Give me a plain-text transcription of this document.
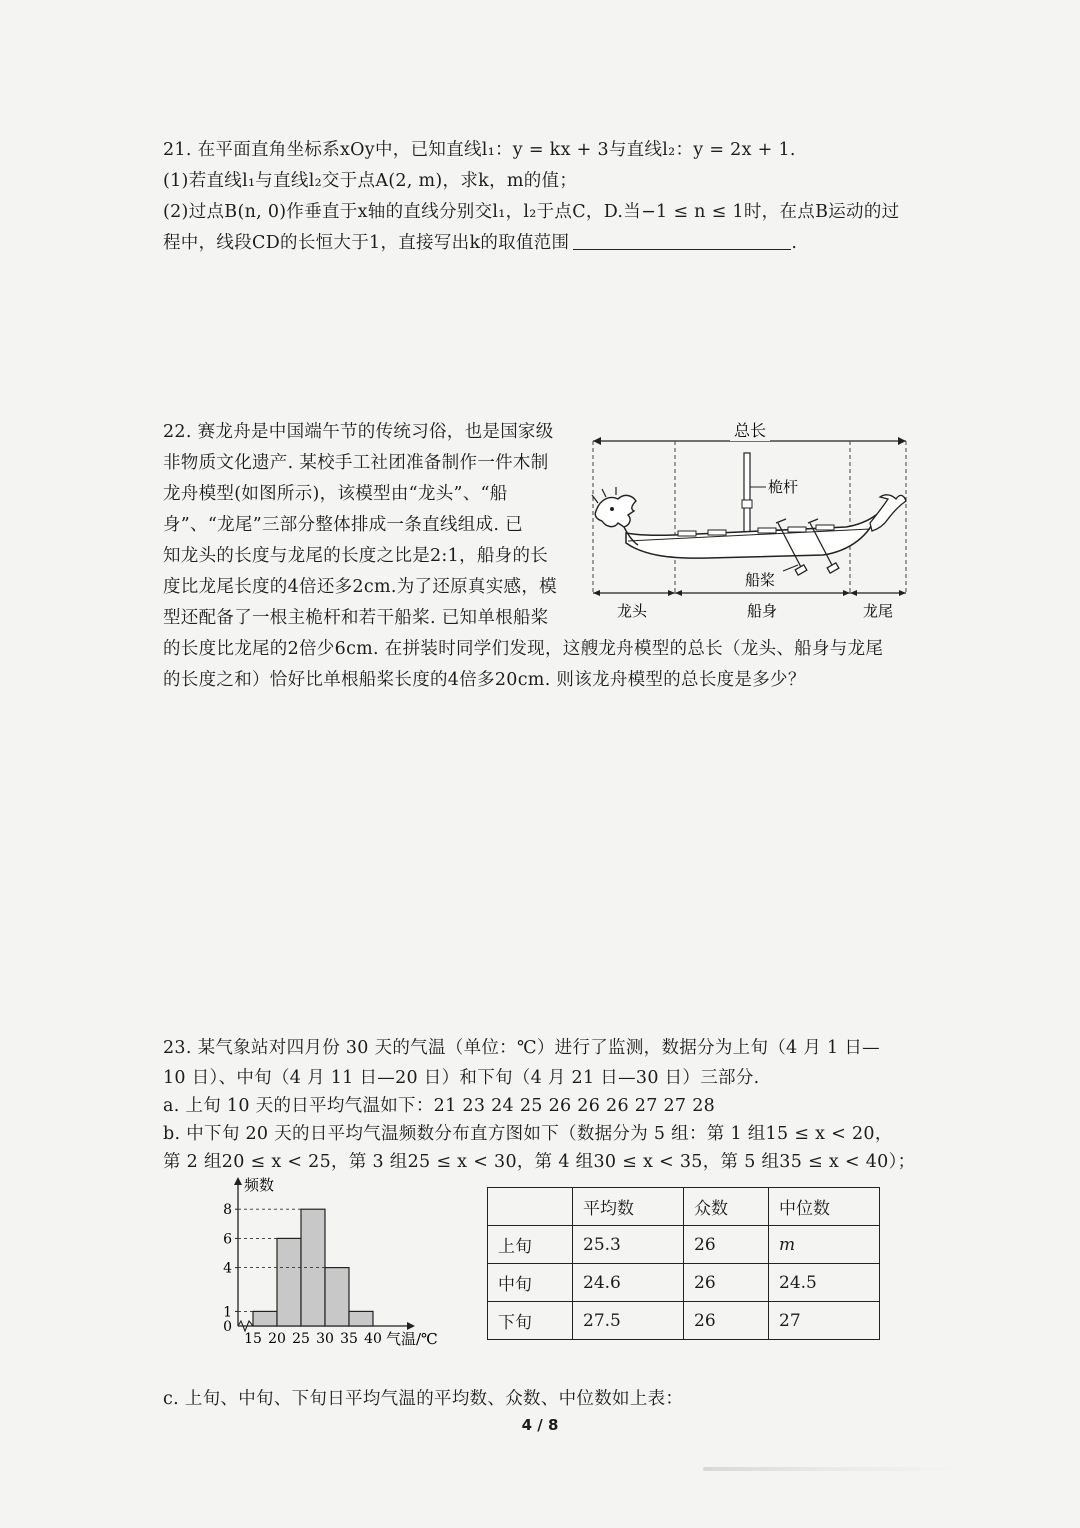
21. 在平面直角坐标系xOy中，已知直线l₁：y = kx + 3与直线l₂：y = 2x + 1.
(1)若直线l₁与直线l₂交于点A(2, m)，求k，m的值；
(2)过点B(n, 0)作垂直于x轴的直线分别交l₁，l₂于点C，D.当−1 ≤ n ≤ 1时，在点B运动的过
程中，线段CD的长恒大于1，直接写出k的取值范围	.
22. 赛龙舟是中国端午节的传统习俗，也是国家级
非物质文化遗产. 某校手工社团准备制作一件木制
龙舟模型(如图所示)，该模型由“龙头”、“船
身”、“龙尾”三部分整体排成一条直线组成. 已
知龙头的长度与龙尾的长度之比是2:1，船身的长
度比龙尾长度的4倍还多2cm.为了还原真实感，模
型还配备了一根主桅杆和若干船桨. 已知单根船桨
的长度比龙尾的2倍少6cm. 在拼装时同学们发现，这艘龙舟模型的总长（龙头、船身与龙尾
的长度之和）恰好比单根船桨长度的4倍多20cm. 则该龙舟模型的总长度是多少？
总长
桅杆
船桨
龙头	船身	龙尾
23. 某气象站对四月份 30 天的气温（单位：℃）进行了监测，数据分为上旬（4 月 1 日—
10 日）、中旬（4 月 11 日—20 日）和下旬（4 月 21 日—30 日）三部分.
a. 上旬 10 天的日平均气温如下：21 23 24 25 26 26 26 27 27 28
b. 中下旬 20 天的日平均气温频数分布直方图如下（数据分为 5 组：第 1 组15 ≤ x < 20，
第 2 组20 ≤ x < 25，第 3 组25 ≤ x < 30，第 4 组30 ≤ x < 35，第 5 组35 ≤ x < 40）；
0
1
4
6
8
15 20 25 30 35 40
频数
气温/℃
	平均数	众数	中位数
上旬	25.3	26	m
中旬	24.6	26	24.5
下旬	27.5	26	27
c. 上旬、中旬、下旬日平均气温的平均数、众数、中位数如上表：
4 / 8
